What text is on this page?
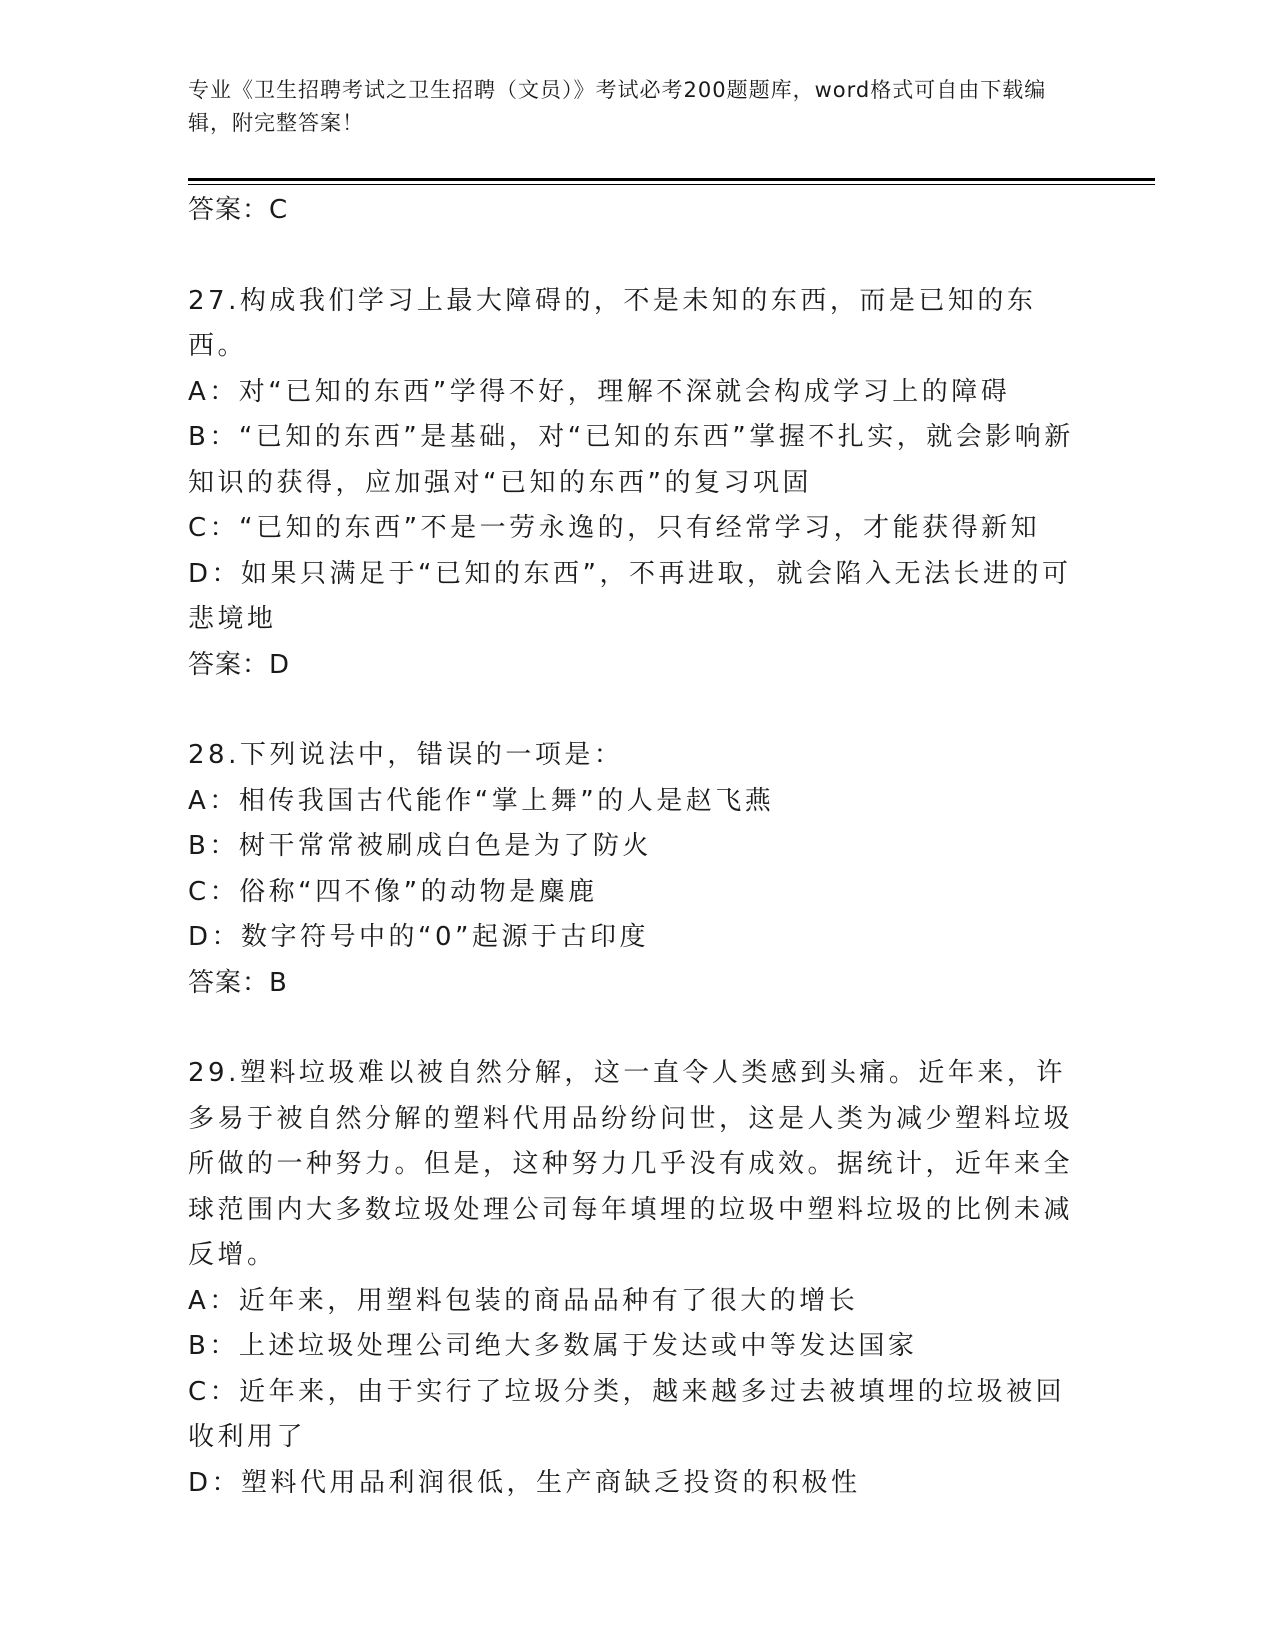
专业《卫生招聘考试之卫生招聘（文员）》考试必考200题题库，word格式可自由下载编辑，附完整答案！
答案：C
27.构成我们学习上最大障碍的，不是未知的东西，而是已知的东西。
A：对“已知的东西”学得不好，理解不深就会构成学习上的障碍
B：“已知的东西”是基础，对“已知的东西”掌握不扎实，就会影响新知识的获得，应加强对“已知的东西”的复习巩固
C：“已知的东西”不是一劳永逸的，只有经常学习，才能获得新知
D：如果只满足于“已知的东西”，不再进取，就会陷入无法长进的可悲境地
答案：D
28.下列说法中，错误的一项是：
A：相传我国古代能作“掌上舞”的人是赵飞燕
B：树干常常被刷成白色是为了防火
C：俗称“四不像”的动物是麋鹿
D：数字符号中的“0”起源于古印度
答案：B
29.塑料垃圾难以被自然分解，这一直令人类感到头痛。近年来，许多易于被自然分解的塑料代用品纷纷问世，这是人类为减少塑料垃圾所做的一种努力。但是，这种努力几乎没有成效。据统计，近年来全球范围内大多数垃圾处理公司每年填埋的垃圾中塑料垃圾的比例未减反增。
A：近年来，用塑料包装的商品品种有了很大的增长
B：上述垃圾处理公司绝大多数属于发达或中等发达国家
C：近年来，由于实行了垃圾分类，越来越多过去被填埋的垃圾被回收利用了
D：塑料代用品利润很低，生产商缺乏投资的积极性
